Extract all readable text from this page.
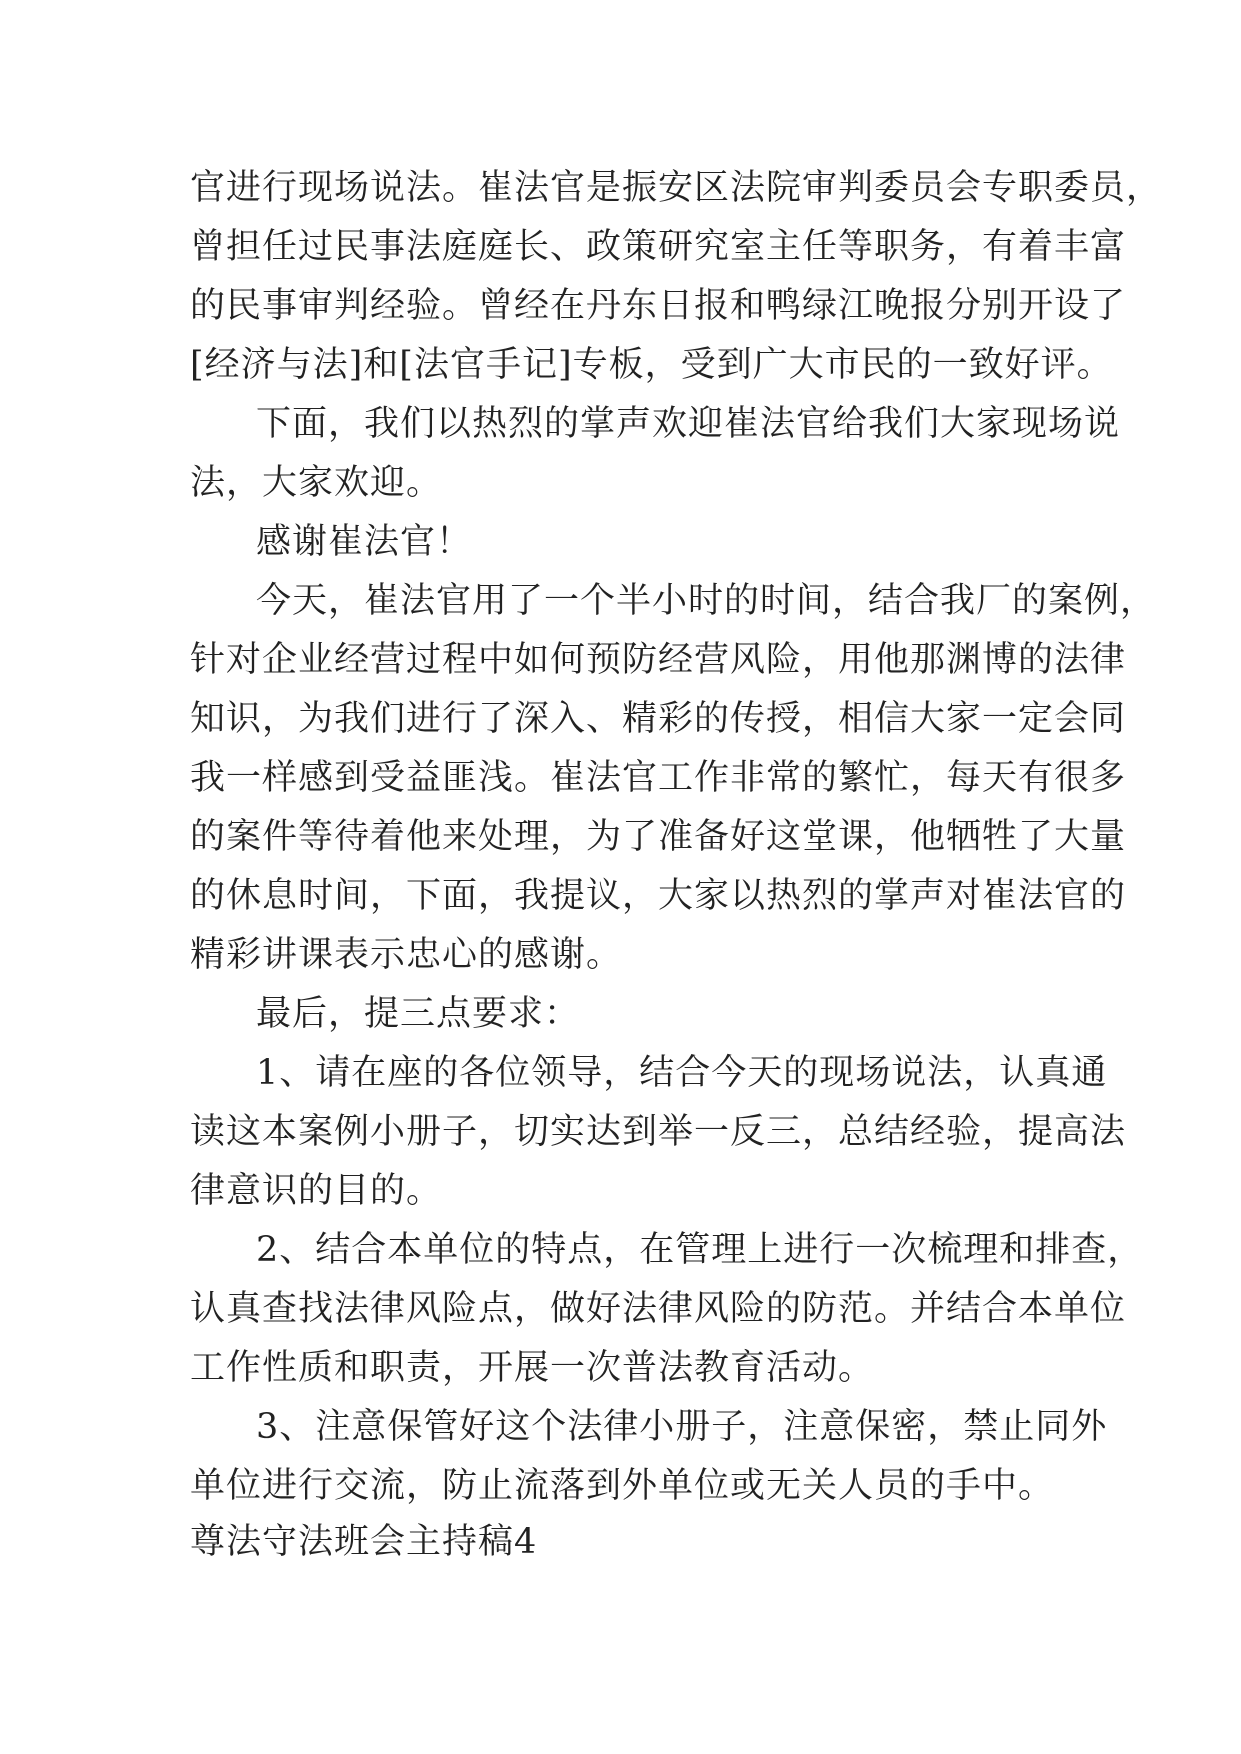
官进行现场说法。崔法官是振安区法院审判委员会专职委员，
曾担任过民事法庭庭长、政策研究室主任等职务，有着丰富
的民事审判经验。曾经在丹东日报和鸭绿江晚报分别开设了
[经济与法]和[法官手记]专板，受到广大市民的一致好评。
下面，我们以热烈的掌声欢迎崔法官给我们大家现场说
法，大家欢迎。
感谢崔法官！
今天，崔法官用了一个半小时的时间，结合我厂的案例，
针对企业经营过程中如何预防经营风险，用他那渊博的法律
知识，为我们进行了深入、精彩的传授，相信大家一定会同
我一样感到受益匪浅。崔法官工作非常的繁忙，每天有很多
的案件等待着他来处理，为了准备好这堂课，他牺牲了大量
的休息时间，下面，我提议，大家以热烈的掌声对崔法官的
精彩讲课表示忠心的感谢。
最后，提三点要求：
1、请在座的各位领导，结合今天的现场说法，认真通
读这本案例小册子，切实达到举一反三，总结经验，提高法
律意识的目的。
2、结合本单位的特点，在管理上进行一次梳理和排查，
认真查找法律风险点，做好法律风险的防范。并结合本单位
工作性质和职责，开展一次普法教育活动。
3、注意保管好这个法律小册子，注意保密，禁止同外
单位进行交流，防止流落到外单位或无关人员的手中。
尊法守法班会主持稿4
